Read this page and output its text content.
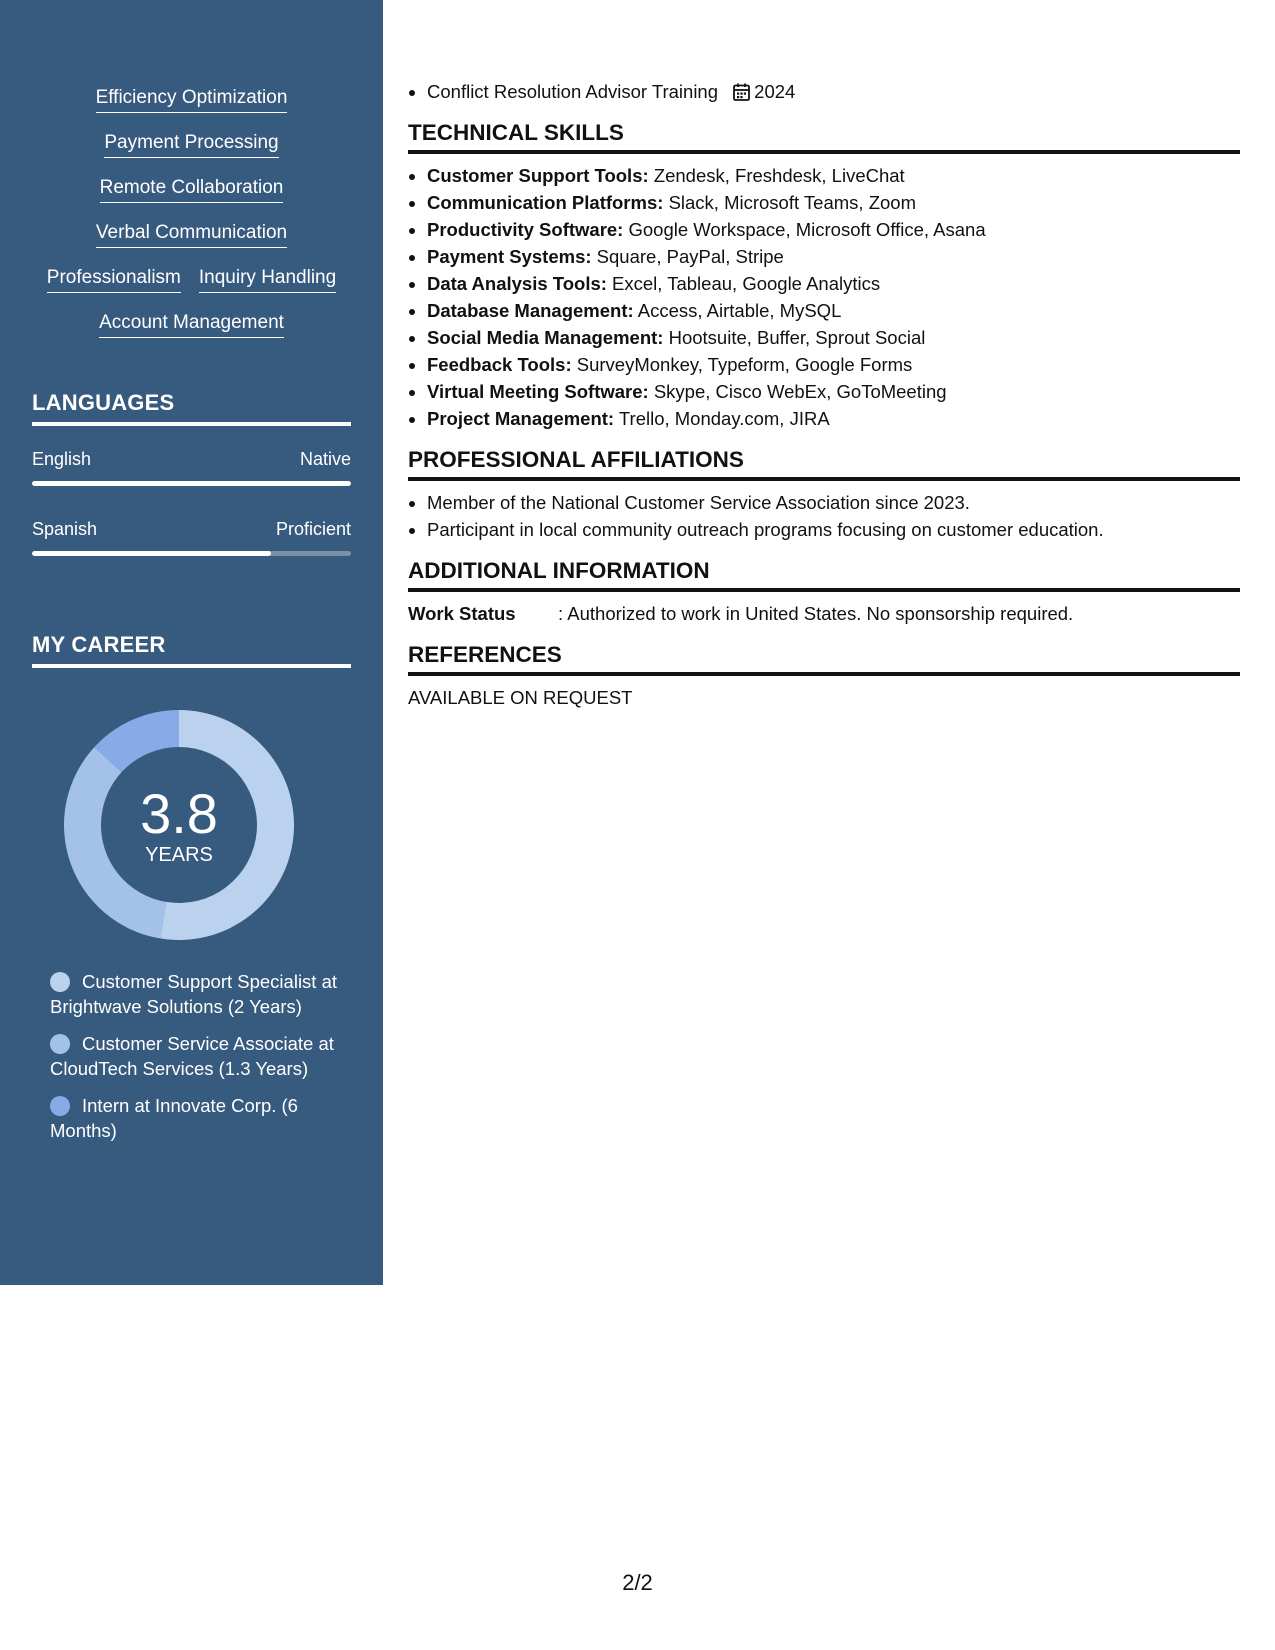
Efficiency Optimization
Payment Processing
Remote Collaboration
Verbal Communication
Professionalism Inquiry Handling
Account Management
LANGUAGES
English	Native
Spanish	Proficient
MY CAREER
3.8
YEARS
Customer Support Specialist at Brightwave Solutions (2 Years)
Customer Service Associate at CloudTech Services (1.3 Years)
Intern at Innovate Corp. (6 Months)
• Conflict Resolution Advisor Training 2024
TECHNICAL SKILLS
• Customer Support Tools: Zendesk, Freshdesk, LiveChat
• Communication Platforms: Slack, Microsoft Teams, Zoom
• Productivity Software: Google Workspace, Microsoft Office, Asana
• Payment Systems: Square, PayPal, Stripe
• Data Analysis Tools: Excel, Tableau, Google Analytics
• Database Management: Access, Airtable, MySQL
• Social Media Management: Hootsuite, Buffer, Sprout Social
• Feedback Tools: SurveyMonkey, Typeform, Google Forms
• Virtual Meeting Software: Skype, Cisco WebEx, GoToMeeting
• Project Management: Trello, Monday.com, JIRA
PROFESSIONAL AFFILIATIONS
• Member of the National Customer Service Association since 2023.
• Participant in local community outreach programs focusing on customer education.
ADDITIONAL INFORMATION
Work Status	: Authorized to work in United States. No sponsorship required.
REFERENCES
AVAILABLE ON REQUEST
2/2
